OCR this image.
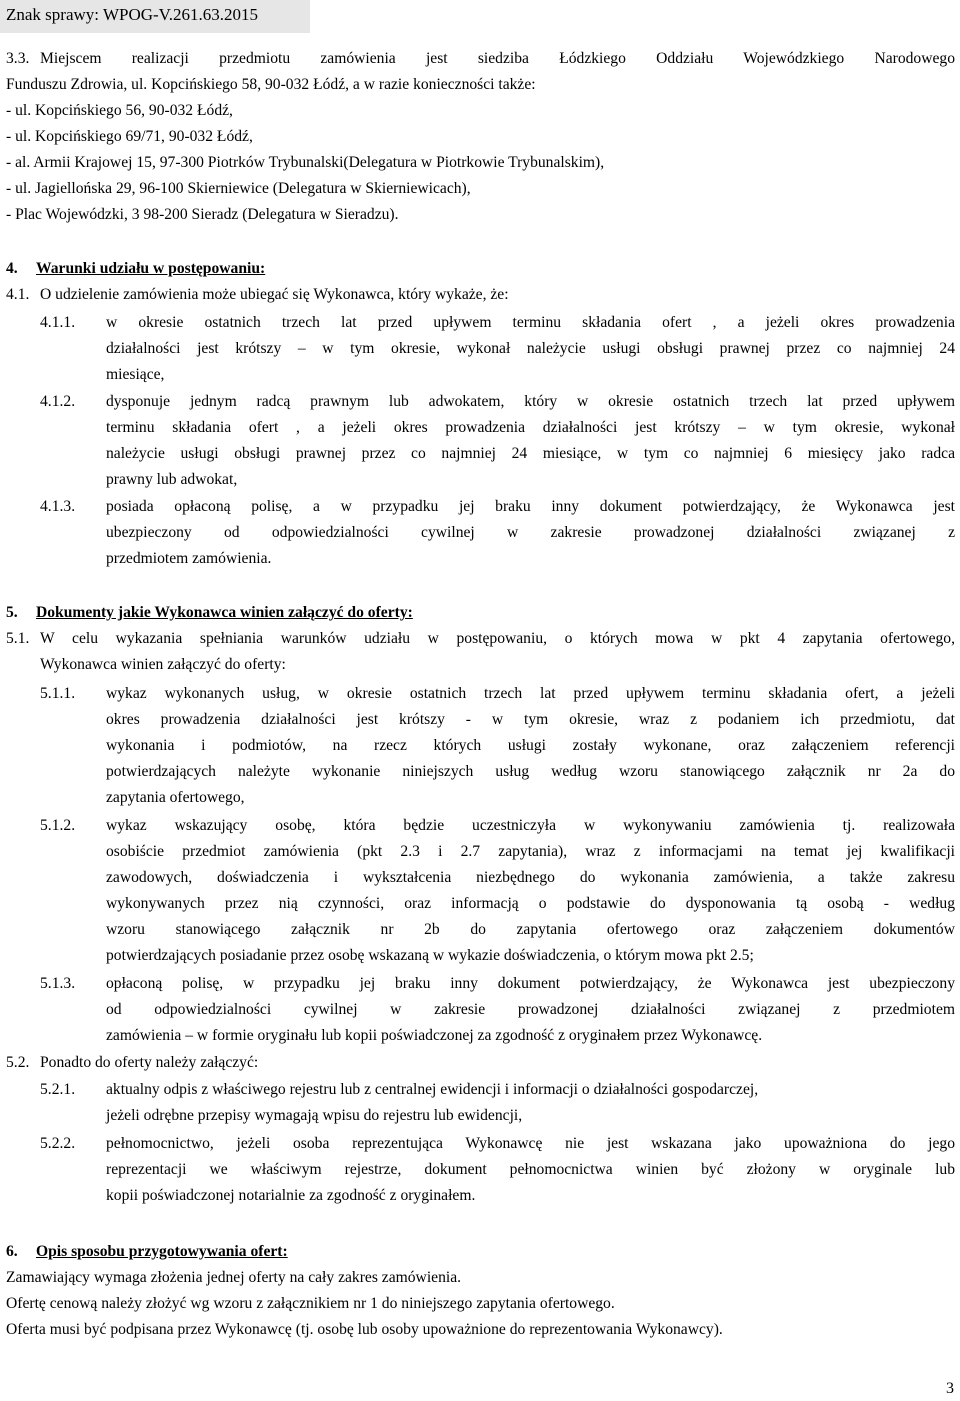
Znak sprawy: WPOG-V.261.63.2015
3.3. Miejscem realizacji przedmiotu zamówienia jest siedziba Łódzkiego Oddziału Wojewódzkiego Narodowego
Funduszu Zdrowia, ul. Kopcińskiego 58, 90-032 Łódź, a w razie konieczności także:
- ul. Kopcińskiego 56, 90-032 Łódź,
- ul. Kopcińskiego 69/71, 90-032 Łódź,
- al. Armii Krajowej 15, 97-300 Piotrków Trybunalski(Delegatura w Piotrkowie Trybunalskim),
- ul. Jagiellońska 29, 96-100 Skierniewice (Delegatura w Skierniewicach),
- Plac Wojewódzki, 3 98-200 Sieradz (Delegatura w Sieradzu).
4. Warunki udziału w postępowaniu:
4.1. O udzielenie zamówienia może ubiegać się Wykonawca, który wykaże, że:
4.1.1. w okresie ostatnich trzech lat przed upływem terminu składania ofert , a jeżeli okres prowadzenia
działalności jest krótszy – w tym okresie, wykonał należycie usługi obsługi prawnej przez co najmniej 24
miesiące,
4.1.2. dysponuje jednym radcą prawnym lub adwokatem, który w okresie ostatnich trzech lat przed upływem
terminu składania ofert , a jeżeli okres prowadzenia działalności jest krótszy – w tym okresie, wykonał
należycie usługi obsługi prawnej przez co najmniej 24 miesiące, w tym co najmniej 6 miesięcy jako radca
prawny lub adwokat,
4.1.3. posiada opłaconą polisę, a w przypadku jej braku inny dokument potwierdzający, że Wykonawca jest
ubezpieczony od odpowiedzialności cywilnej w zakresie prowadzonej działalności związanej z
przedmiotem zamówienia.
5. Dokumenty jakie Wykonawca winien załączyć do oferty:
5.1. W celu wykazania spełniania warunków udziału w postępowaniu, o których mowa w pkt 4 zapytania ofertowego,
Wykonawca winien załączyć do oferty:
5.1.1. wykaz wykonanych usług, w okresie ostatnich trzech lat przed upływem terminu składania ofert, a jeżeli
okres prowadzenia działalności jest krótszy - w tym okresie, wraz z podaniem ich przedmiotu, dat
wykonania i podmiotów, na rzecz których usługi zostały wykonane, oraz załączeniem referencji
potwierdzających należyte wykonanie niniejszych usług według wzoru stanowiącego załącznik nr 2a do
zapytania ofertowego,
5.1.2. wykaz wskazujący osobę, która będzie uczestniczyła w wykonywaniu zamówienia tj. realizowała
osobiście przedmiot zamówienia (pkt 2.3 i 2.7 zapytania), wraz z informacjami na temat jej kwalifikacji
zawodowych, doświadczenia i wykształcenia niezbędnego do wykonania zamówienia, a także zakresu
wykonywanych przez nią czynności, oraz informacją o podstawie do dysponowania tą osobą - według
wzoru stanowiącego załącznik nr 2b do zapytania ofertowego oraz załączeniem dokumentów
potwierdzających posiadanie przez osobę wskazaną w wykazie doświadczenia, o którym mowa pkt 2.5;
5.1.3. opłaconą polisę, w przypadku jej braku inny dokument potwierdzający, że Wykonawca jest ubezpieczony
od odpowiedzialności cywilnej w zakresie prowadzonej działalności związanej z przedmiotem
zamówienia – w formie oryginału lub kopii poświadczonej za zgodność z oryginałem przez Wykonawcę.
5.2. Ponadto do oferty należy załączyć:
5.2.1. aktualny odpis z właściwego rejestru lub z centralnej ewidencji i informacji o działalności gospodarczej,
jeżeli odrębne przepisy wymagają wpisu do rejestru lub ewidencji,
5.2.2. pełnomocnictwo, jeżeli osoba reprezentująca Wykonawcę nie jest wskazana jako upoważniona do jego
reprezentacji we właściwym rejestrze, dokument pełnomocnictwa winien być złożony w oryginale lub
kopii poświadczonej notarialnie za zgodność z oryginałem.
6. Opis sposobu przygotowywania ofert:
Zamawiający wymaga złożenia jednej oferty na cały zakres zamówienia.
Ofertę cenową należy złożyć wg wzoru z załącznikiem nr 1 do niniejszego zapytania ofertowego.
Oferta musi być podpisana przez Wykonawcę (tj. osobę lub osoby upoważnione do reprezentowania Wykonawcy).
3
